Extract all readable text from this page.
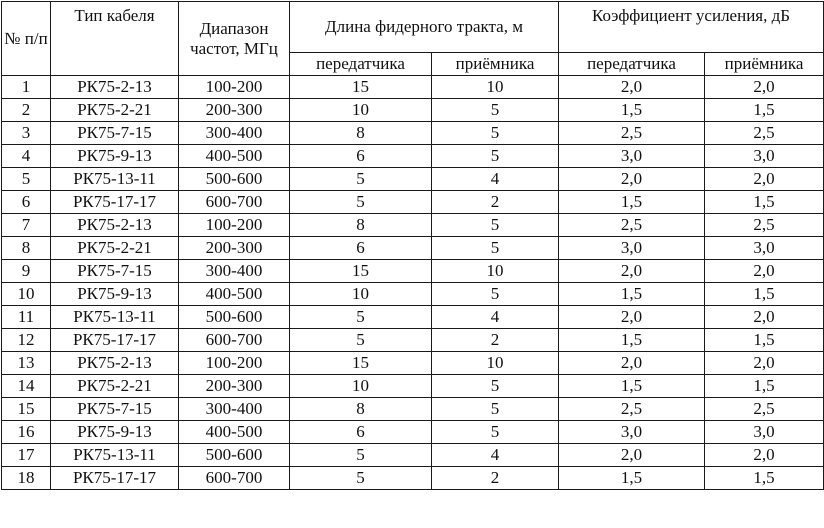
№ п/п	Тип кабеля	Диапазон частот, МГц	Длина фидерного тракта, м		Коэффициент усиления, дБ	
			передатчика	приёмника	передатчика	приёмника
1	РК75-2-13	100-200	15	10	2,0	2,0
2	РК75-2-21	200-300	10	5	1,5	1,5
3	РК75-7-15	300-400	8	5	2,5	2,5
4	РК75-9-13	400-500	6	5	3,0	3,0
5	РК75-13-11	500-600	5	4	2,0	2,0
6	РК75-17-17	600-700	5	2	1,5	1,5
7	РК75-2-13	100-200	8	5	2,5	2,5
8	РК75-2-21	200-300	6	5	3,0	3,0
9	РК75-7-15	300-400	15	10	2,0	2,0
10	РК75-9-13	400-500	10	5	1,5	1,5
11	РК75-13-11	500-600	5	4	2,0	2,0
12	РК75-17-17	600-700	5	2	1,5	1,5
13	РК75-2-13	100-200	15	10	2,0	2,0
14	РК75-2-21	200-300	10	5	1,5	1,5
15	РК75-7-15	300-400	8	5	2,5	2,5
16	РК75-9-13	400-500	6	5	3,0	3,0
17	РК75-13-11	500-600	5	4	2,0	2,0
18	РК75-17-17	600-700	5	2	1,5	1,5
